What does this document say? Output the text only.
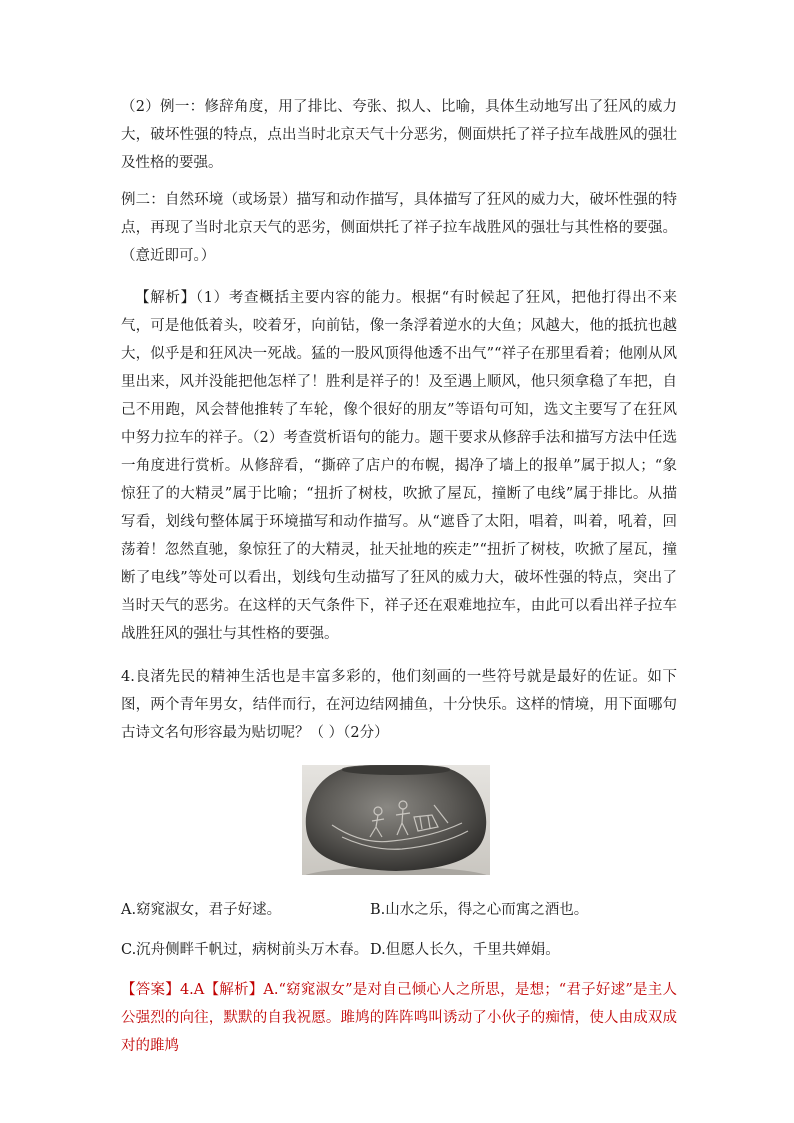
（2）例一：修辞角度，用了排比、夸张、拟人、比喻，具体生动地写出了狂风的威力大，破坏性强的特点，点出当时北京天气十分恶劣，侧面烘托了祥子拉车战胜风的强壮及性格的要强。

例二：自然环境（或场景）描写和动作描写，具体描写了狂风的威力大，破坏性强的特点，再现了当时北京天气的恶劣，侧面烘托了祥子拉车战胜风的强壮与其性格的要强。（意近即可。）

【解析】（1）考查概括主要内容的能力。根据“有时候起了狂风，把他打得出不来气，可是他低着头，咬着牙，向前钻，像一条浮着逆水的大鱼；风越大，他的抵抗也越大，似乎是和狂风决一死战。猛的一股风顶得他透不出气”“祥子在那里看着；他刚从风里出来，风并没能把他怎样了！胜利是祥子的！及至遇上顺风，他只须拿稳了车把，自己不用跑，风会替他推转了车轮，像个很好的朋友”等语句可知，选文主要写了在狂风中努力拉车的祥子。（2）考查赏析语句的能力。题干要求从修辞手法和描写方法中任选一角度进行赏析。从修辞看，“撕碎了店户的布幌，揭净了墙上的报单”属于拟人；“象惊狂了的大精灵”属于比喻；“扭折了树枝，吹掀了屋瓦，撞断了电线”属于排比。从描写看，划线句整体属于环境描写和动作描写。从“遮昏了太阳，唱着，叫着，吼着，回荡着！忽然直驰，象惊狂了的大精灵，扯天扯地的疾走”“扭折了树枝，吹掀了屋瓦，撞断了电线”等处可以看出，划线句生动描写了狂风的威力大，破坏性强的特点，突出了当时天气的恶劣。在这样的天气条件下，祥子还在艰难地拉车，由此可以看出祥子拉车战胜狂风的强壮与其性格的要强。

4.良渚先民的精神生活也是丰富多彩的，他们刻画的一些符号就是最好的佐证。如下图，两个青年男女，结伴而行，在河边结网捕鱼，十分快乐。这样的情境，用下面哪句古诗文名句形容最为贴切呢？（ ）（2分）

A.窈窕淑女，君子好逑。	B.山水之乐，得之心而寓之酒也。
C.沉舟侧畔千帆过，病树前头万木春。 D.但愿人长久，千里共婵娟。

【答案】4.A【解析】A.“窈窕淑女”是对自己倾心人之所思，是想；“君子好逑”是主人公强烈的向往，默默的自我祝愿。雎鸠的阵阵鸣叫诱动了小伙子的痴情，使人由成双成对的雎鸠
